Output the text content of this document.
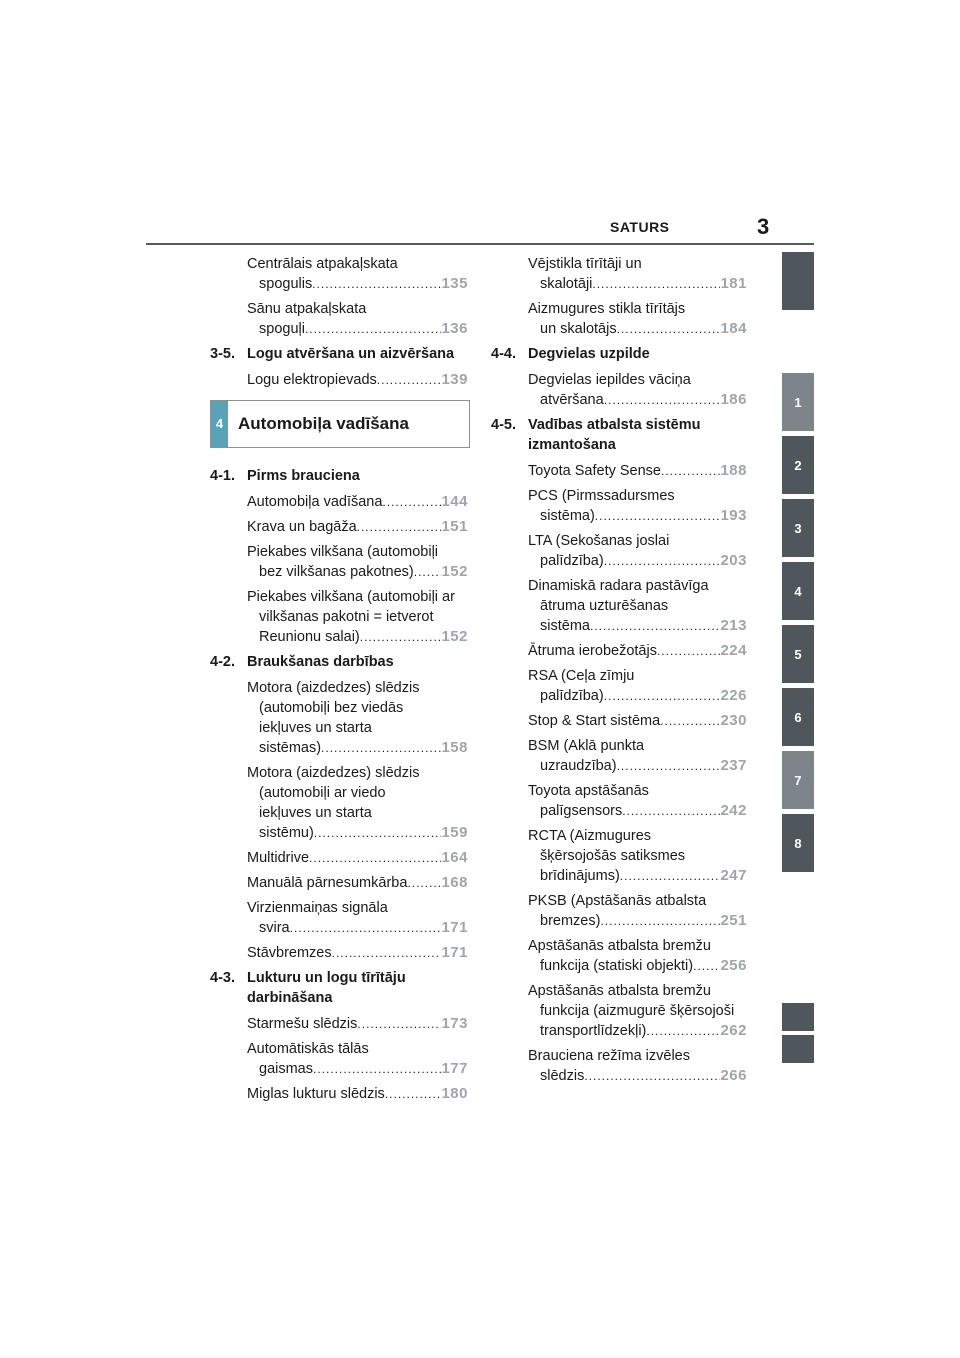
SATURS	3
1
2
3
4
5
6
7
8
Centrālais atpakaļskata
spogulis .....	135
Sānu atpakaļskata
spoguļi .....	136
3-5. Logu atvēršana un aizvēršana
Logu elektropievads .....	139
4 Automobiļa vadīšana
4-1. Pirms brauciena
Automobiļa vadīšana .....	144
Krava un bagāža .....	151
Piekabes vilkšana (automobiļi
bez vilkšanas pakotnes) ..... 152
Piekabes vilkšana (automobiļi ar
vilkšanas pakotni = ietverot
Reunionu salai) .....	152
4-2. Braukšanas darbības
Motora (aizdedzes) slēdzis
(automobiļi bez viedās
iekļuves un starta
sistēmas) .....	158
Motora (aizdedzes) slēdzis
(automobiļi ar viedo
iekļuves un starta
sistēmu) .....	159
Multidrive .....	164
Manuālā pārnesumkārba ..... 168
Virzienmaiņas signāla
svira .....	171
Stāvbremzes .....	171
4-3. Lukturu un logu tīrītāju darbināšana
Starmešu slēdzis .....	173
Automātiskās tālās
gaismas .....	177
Miglas lukturu slēdzis .....	180
Vējstikla tīrītāji un
skalotāji .....	181
Aizmugures stikla tīrītājs
un skalotājs .....	184
4-4. Degvielas uzpilde
Degvielas iepildes vāciņa
atvēršana .....	186
4-5. Vadības atbalsta sistēmu izmantošana
Toyota Safety Sense .....	188
PCS (Pirmssadursmes
sistēma) .....	193
LTA (Sekošanas joslai
palīdzība) .....	203
Dinamiskā radara pastāvīga
ātruma uzturēšanas
sistēma .....	213
Ātruma ierobežotājs .....	224
RSA (Ceļa zīmju
palīdzība) .....	226
Stop & Start sistēma .....	230
BSM (Aklā punkta
uzraudzība) .....	237
Toyota apstāšanās
palīgsensors .....	242
RCTA (Aizmugures
šķērsojošās satiksmes
brīdinājums) .....	247
PKSB (Apstāšanās atbalsta
bremzes) .....	251
Apstāšanās atbalsta bremžu
funkcija (statiski objekti) ..... 256
Apstāšanās atbalsta bremžu
funkcija (aizmugurē šķērsojoši
transportlīdzekļi) .....	262
Brauciena režīma izvēles
slēdzis .....	266
